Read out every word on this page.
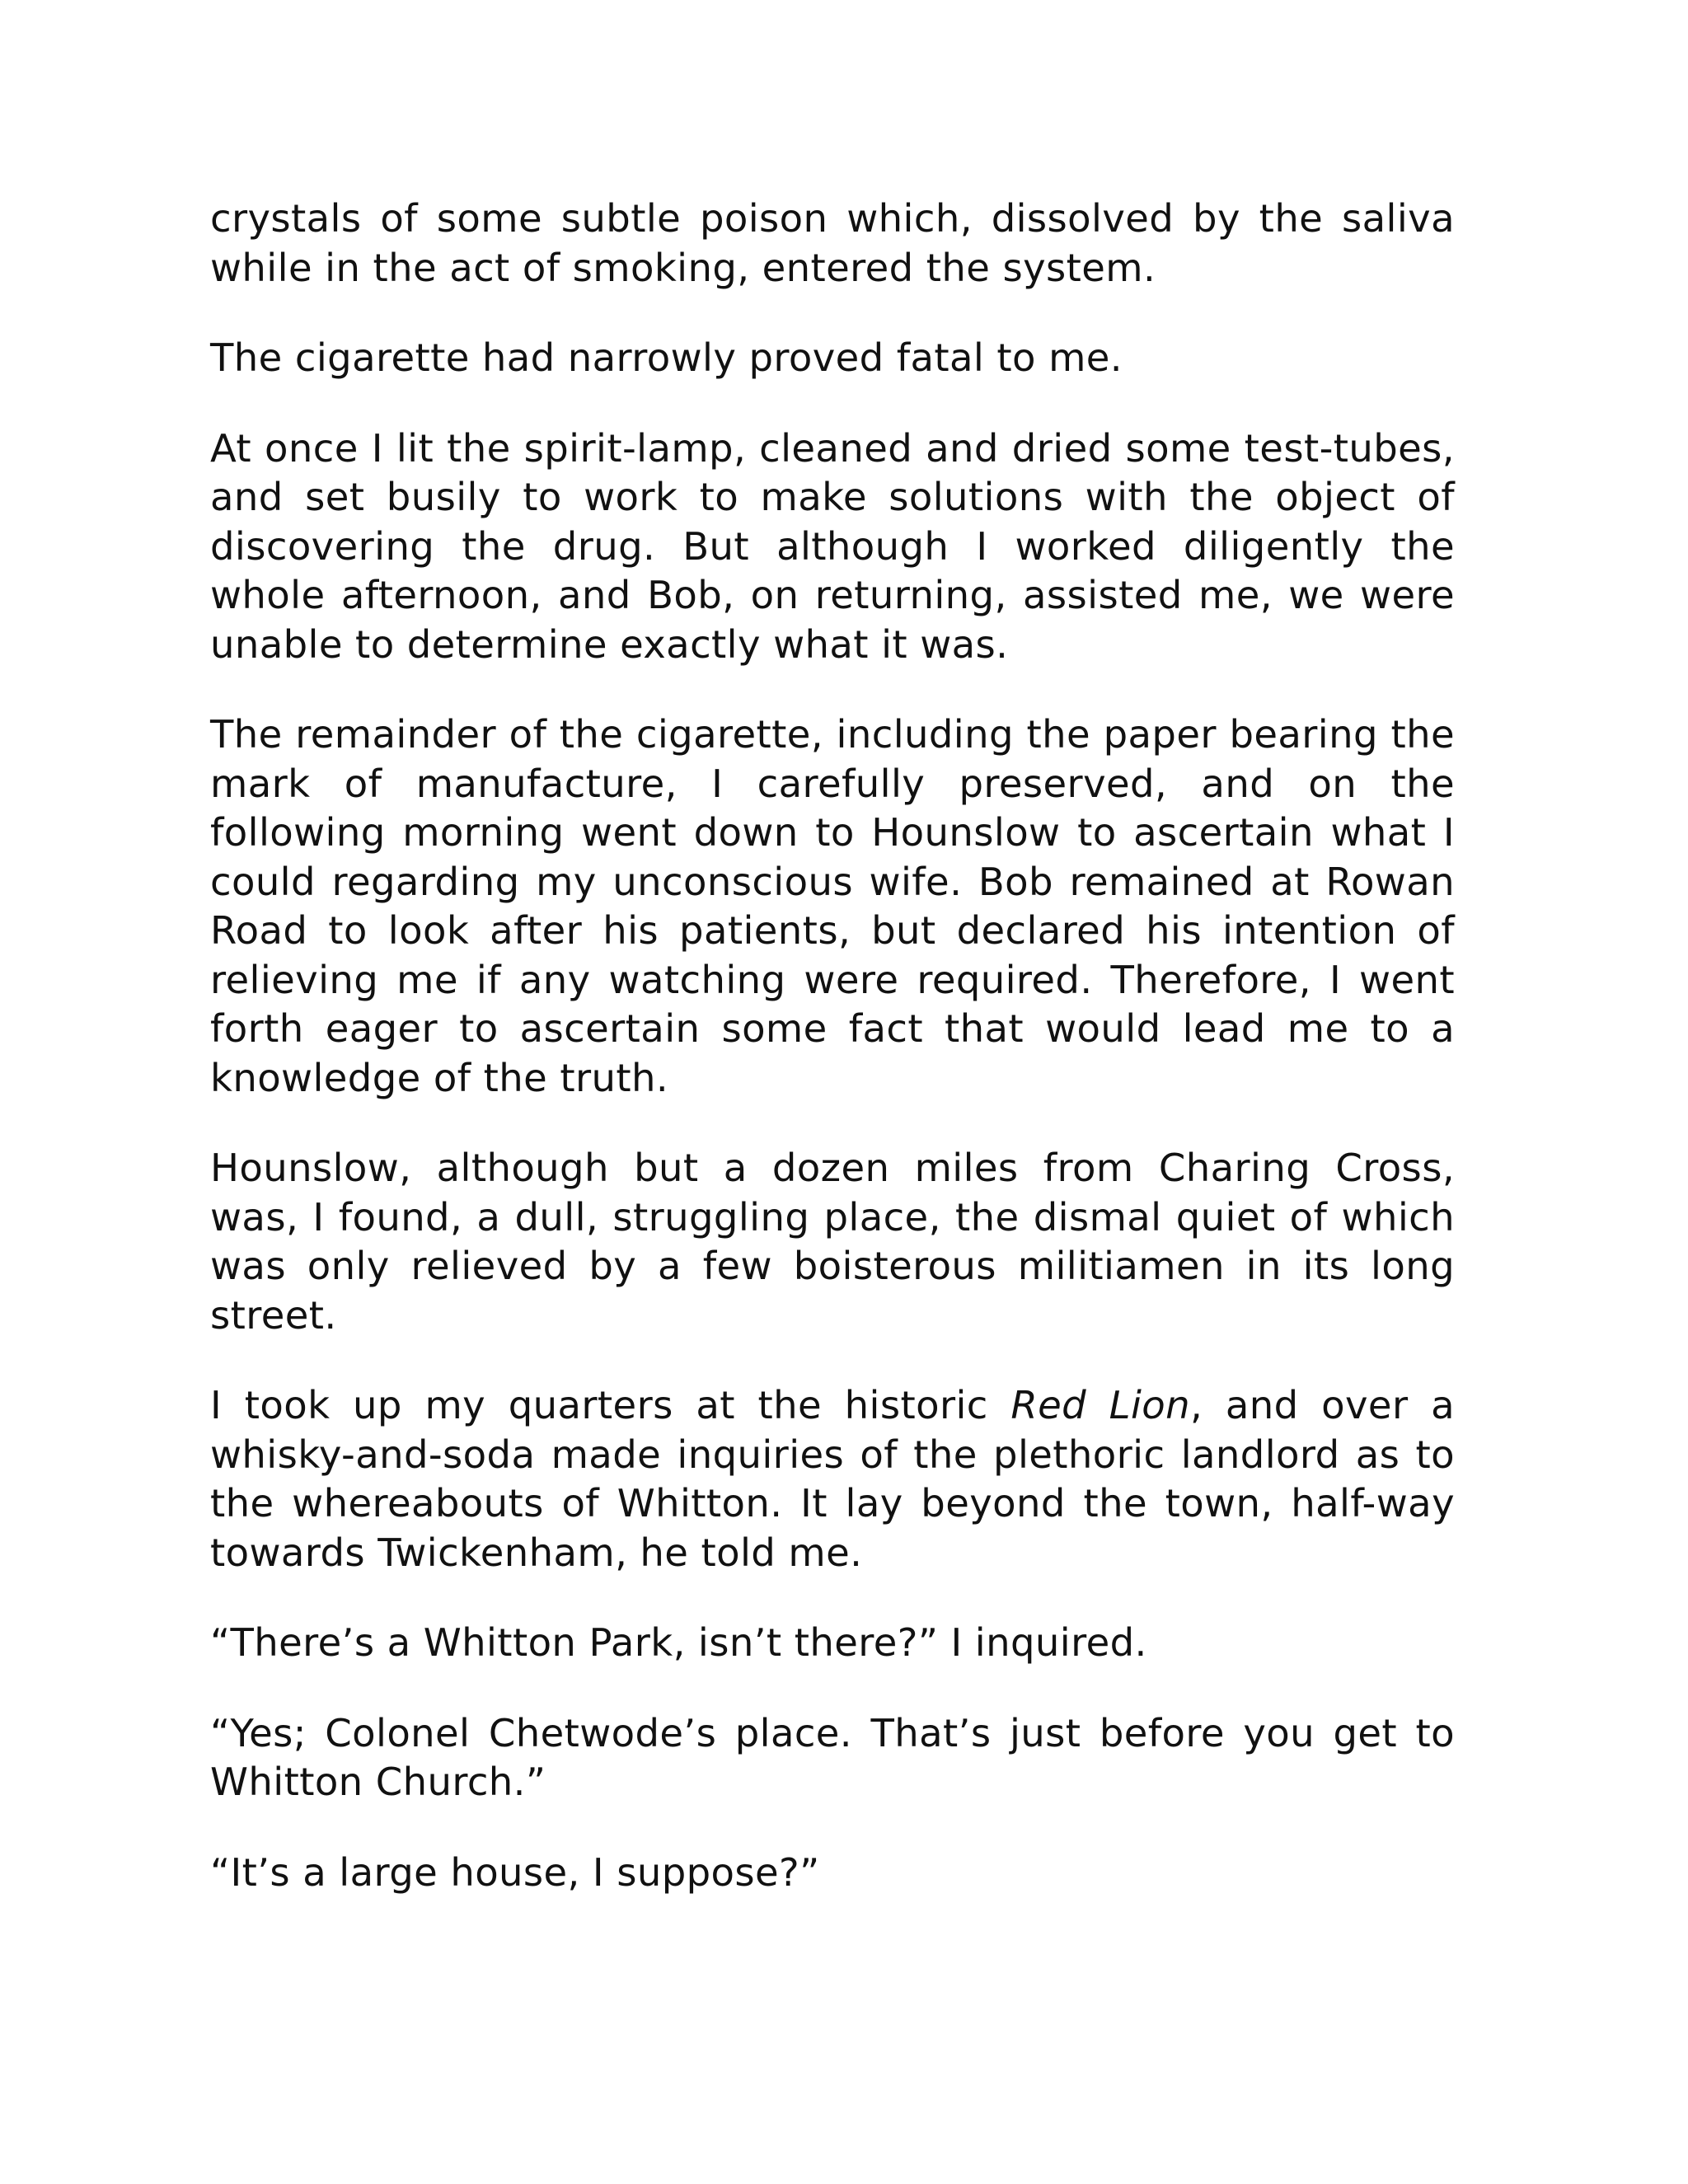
crystals of some subtle poison which, dissolved by the saliva while in the act of smoking, entered the system.

The cigarette had narrowly proved fatal to me.

At once I lit the spirit-lamp, cleaned and dried some test-tubes, and set busily to work to make solutions with the object of discovering the drug. But although I worked diligently the whole afternoon, and Bob, on returning, assisted me, we were unable to determine exactly what it was.

The remainder of the cigarette, including the paper bearing the mark of manufacture, I carefully preserved, and on the following morning went down to Hounslow to ascertain what I could regarding my unconscious wife. Bob remained at Rowan Road to look after his patients, but declared his intention of relieving me if any watching were required. Therefore, I went forth eager to ascertain some fact that would lead me to a knowledge of the truth.

Hounslow, although but a dozen miles from Charing Cross, was, I found, a dull, struggling place, the dismal quiet of which was only relieved by a few boisterous militiamen in its long street.

I took up my quarters at the historic Red Lion, and over a whisky-and-soda made inquiries of the plethoric landlord as to the whereabouts of Whitton. It lay beyond the town, half-way towards Twickenham, he told me.

“There’s a Whitton Park, isn’t there?” I inquired.

“Yes; Colonel Chetwode’s place. That’s just before you get to Whitton Church.”

“It’s a large house, I suppose?”
